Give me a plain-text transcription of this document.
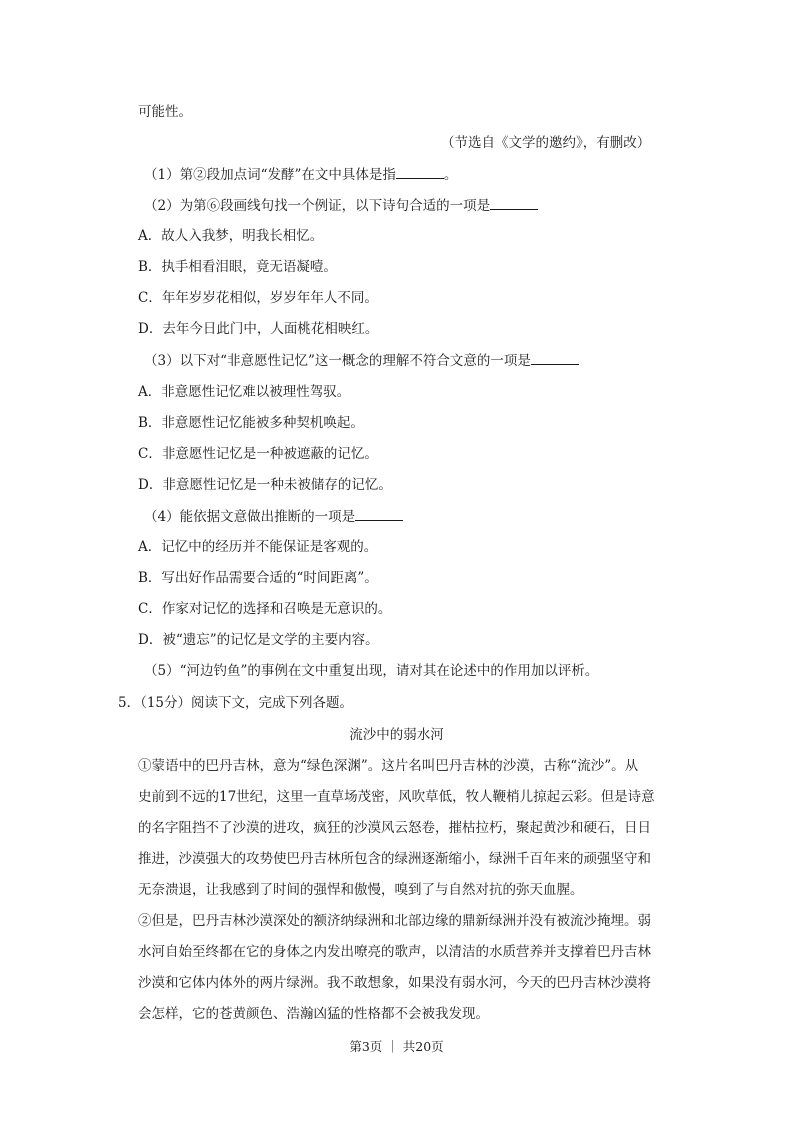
可能性。
（节选自《文学的邀约》，有删改）
（1）第②段加点词“发酵”在文中具体是指	。
（2）为第⑥段画线句找一个例证，以下诗句合适的一项是
A．故人入我梦，明我长相忆。
B．执手相看泪眼，竟无语凝噎。
C．年年岁岁花相似，岁岁年年人不同。
D．去年今日此门中，人面桃花相映红。
（3）以下对“非意愿性记忆”这一概念的理解不符合文意的一项是
A．非意愿性记忆难以被理性驾驭。
B．非意愿性记忆能被多种契机唤起。
C．非意愿性记忆是一种被遮蔽的记忆。
D．非意愿性记忆是一种未被储存的记忆。
（4）能依据文意做出推断的一项是
A．记忆中的经历并不能保证是客观的。
B．写出好作品需要合适的“时间距离”。
C．作家对记忆的选择和召唤是无意识的。
D．被“遗忘”的记忆是文学的主要内容。
（5）“河边钓鱼”的事例在文中重复出现，请对其在论述中的作用加以评析。
5．（15分）阅读下文，完成下列各题。
流沙中的弱水河
①蒙语中的巴丹吉林，意为“绿色深渊”。这片名叫巴丹吉林的沙漠，古称“流沙”。从
史前到不远的17世纪，这里一直草场茂密，风吹草低，牧人鞭梢儿掠起云彩。但是诗意
的名字阻挡不了沙漠的进攻，疯狂的沙漠风云怒卷，摧枯拉朽，聚起黄沙和硬石，日日
推进，沙漠强大的攻势使巴丹吉林所包含的绿洲逐渐缩小，绿洲千百年来的顽强坚守和
无奈溃退，让我感到了时间的强悍和傲慢，嗅到了与自然对抗的弥天血腥。
②但是，巴丹吉林沙漠深处的额济纳绿洲和北部边缘的鼎新绿洲并没有被流沙掩埋。弱
水河自始至终都在它的身体之内发出嘹亮的歌声，以清洁的水质营养并支撑着巴丹吉林
沙漠和它体内体外的两片绿洲。我不敢想象，如果没有弱水河，今天的巴丹吉林沙漠将
会怎样，它的苍黄颜色、浩瀚凶猛的性格都不会被我发现。
第3页 ｜ 共20页
